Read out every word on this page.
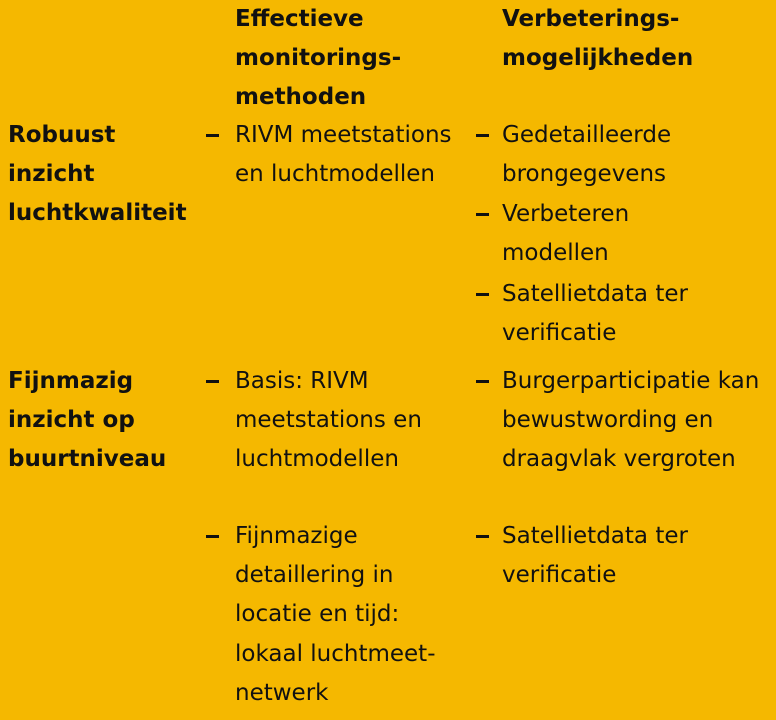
Effectieve monitorings-methoden
Verbeterings-mogelijkheden
Robuust inzicht luchtkwaliteit
RIVM meetstations en luchtmodellen
Gedetailleerde brongegevens
Verbeteren modellen
Satellietdata ter verificatie
Fijnmazig inzicht op buurtniveau
Basis: RIVM meetstations en luchtmodellen
Fijnmazige detaillering in locatie en tijd: lokaal luchtmeet-netwerk
Burgerparticipatie kan bewustwording en draagvlak vergroten
Satellietdata ter verificatie
